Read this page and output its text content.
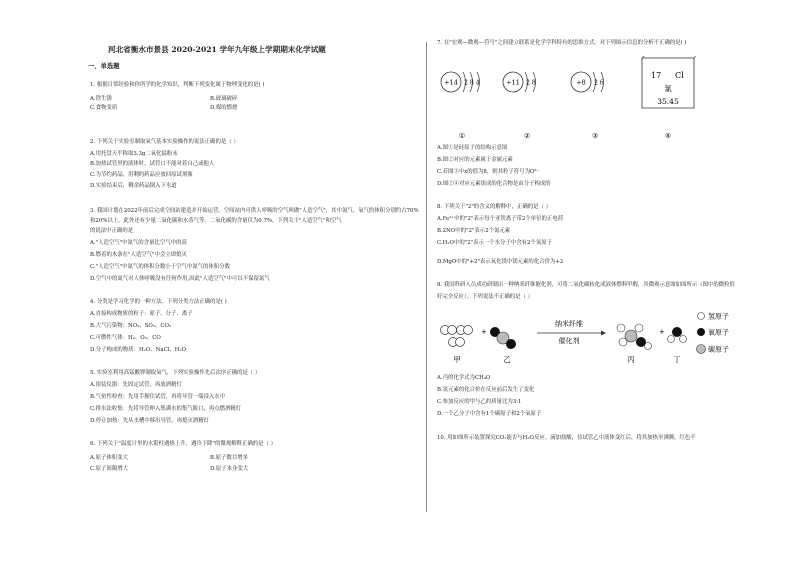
河北省衡水市景县 2020-2021 学年九年级上学期期末化学试题
一、单选题
1. 根据日常经验和你所学的化学知识，判断下列变化属于物理变化的是( )
A.铁生锈	B.玻璃破碎
C.食物变质	D.煤的燃烧
2. 下列关于实验室制取氧气基本实验操作的说法正确的是（ ）
A.用托盘天平称取3.3g二氧化锰粉末
B.加热试管里的液体时，试管口不能对着自己或他人
C.为节约药品，用剩的药品应放回原试剂瓶
D.实验结束后，剩余药品倒入下水道
3. 我国计划在2022年前后完成空间站建造并开始运营。空间站内可供人呼吸的空气叫做"人造空气"，其中氮气、氧气的体积分别约占70%
和20%以上，此外还有少量二氧化碳和水蒸气等。二氧化碳的含量仅为0.7%，下列关于"人造空气"和空气
的说法中正确的是
A."人造空气"中氮气的含量比空气中的高
B.燃着的木条在"人造空气"中会立即熄灭
C."人造空气"中氮气的体积分数小于空气中氮气的体积分数
D.空气中的氮气对人体呼吸没有任何作用,因此"人造空气"中可以不保留氮气
4. 分类是学习化学的一种方法。下列分类方法正确的是( )
A.直接构成物质的粒子：原子、分子、离子
B.大气污染物：NO₂、SO₂、CO₂
C.可燃性气体：H₂、O₂、CO
D.分子构成的物质：H₂O、NaCl、H₂O
5. 实验室利用高锰酸钾制取氧气，下列实验操作先后次序正确的是（ ）
A.组装仪器：先固定试管，再放酒精灯
B.气密性检查：先用手握住试管，再将导管一端浸入水中
C.排水法收集：先将导管伸入集满水的集气瓶口，再点燃酒精灯
D.停止加热：先从水槽中移出导管，再熄灭酒精灯
6. 下列关于"温度计里的水银柱遇热上升，遇冷下降"的微观解释正确的是（ ）
A.原子体积变大	B.原子数目增多
C.原子间隔增大	D.原子本身变大
7. 在"宏观—微观—符号"之间建立联系是化学学科特有的思维方式。对下列图示信息的分析不正确的是( )
+14 2 8 4	+11 2 8	+8 2 6
17 Cl
氯
35.45
①	②	③	④
A.图①是硅原子的结构示意图
B.图②对应的元素属于金属元素
C.若图③中x的值为8，则其粒子符号为O²⁻
D.图②④对应元素组成的化合物是由分子构成的
8. 下列关于"2"的含义的解释中，正确的是（ ）
A.Fe²⁺中的"2"表示每个亚铁离子带2个单位的正电荷
B.2NO中的"2"表示2个氮元素
C.H₂O中的"2"表示一个水分子中含有2个氢原子
D.MgO中的"+2"表示氧化镁中镁元素的化合价为+2
9. 我国科研人员成功研制出一种纳米纤维催化剂，可将二氧化碳转化成液体燃料甲醇，其微观示意图如图所示（图中的微粒恰
好完全反应）。下列说法不正确的是（ ）
甲
+
乙
纳米纤维
催化剂
丙
+
丁
氢原子
氧原子
碳原子
A.丙的化学式为CH₄O
B.氢元素的化合价在反应前后发生了变化
C.参加反应的甲与乙的质量比为3:1
D.一个乙分子中含有1个碳原子和2个氧原子
10. 用如图所示装置探究CO₂能否与H₂O反应。滴加盐酸，待试管乙中液体变红后，将其加热至沸腾，红色不
